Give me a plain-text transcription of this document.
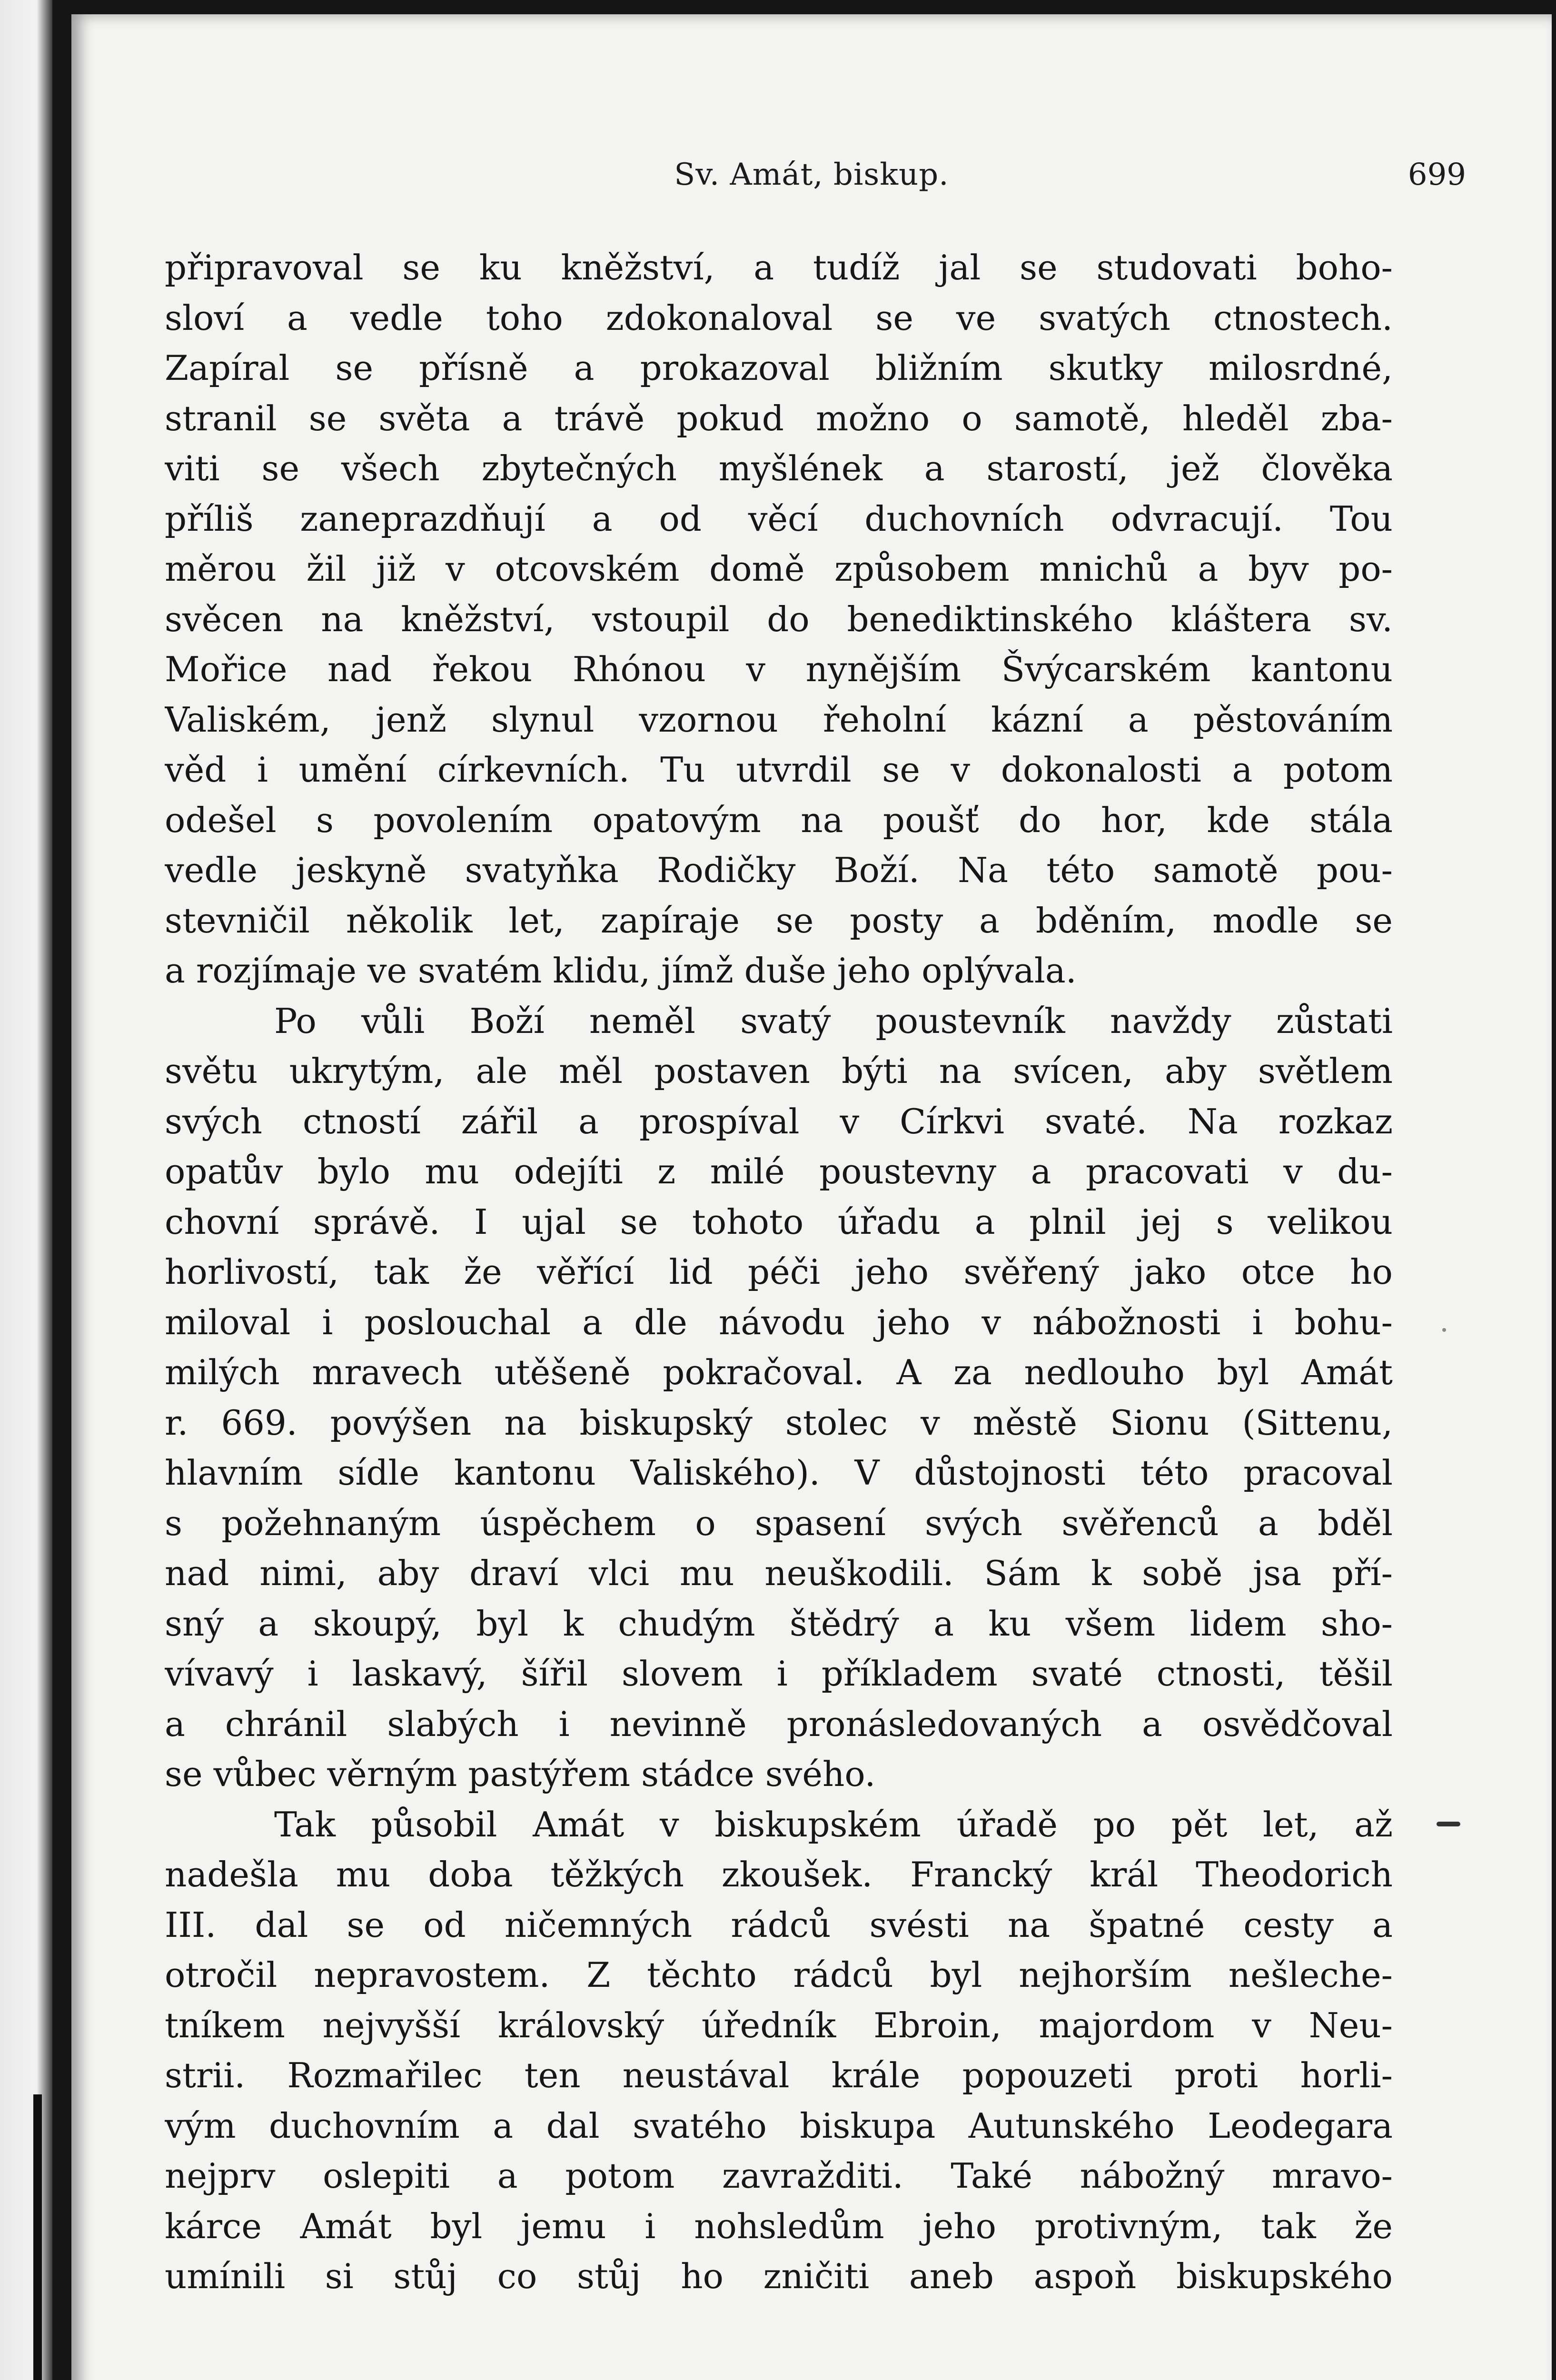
Sv. Amát, biskup.	699
připravoval se ku kněžství, a tudíž jal se studovati boho-
sloví a vedle toho zdokonaloval se ve svatých ctnostech.
Zapíral se přísně a prokazoval bližním skutky milosrdné,
stranil se světa a trávě pokud možno o samotě, hleděl zba-
viti se všech zbytečných myšlének a starostí, jež člověka
příliš zaneprazdňují a od věcí duchovních odvracují. Tou
měrou žil již v otcovském domě způsobem mnichů a byv po-
svěcen na kněžství, vstoupil do benediktinského kláštera sv.
Mořice nad řekou Rhónou v nynějším Švýcarském kantonu
Valiském, jenž slynul vzornou řeholní kázní a pěstováním
věd i umění církevních. Tu utvrdil se v dokonalosti a potom
odešel s povolením opatovým na poušť do hor, kde stála
vedle jeskyně svatyňka Rodičky Boží. Na této samotě pou-
stevničil několik let, zapíraje se posty a bděním, modle se
a rozjímaje ve svatém klidu, jímž duše jeho oplývala.
Po vůli Boží neměl svatý poustevník navždy zůstati
světu ukrytým, ale měl postaven býti na svícen, aby světlem
svých ctností zářil a prospíval v Církvi svaté. Na rozkaz
opatův bylo mu odejíti z milé poustevny a pracovati v du-
chovní správě. I ujal se tohoto úřadu a plnil jej s velikou
horlivostí, tak že věřící lid péči jeho svěřený jako otce ho
miloval i poslouchal a dle návodu jeho v nábožnosti i bohu-
milých mravech utěšeně pokračoval. A za nedlouho byl Amát
r. 669. povýšen na biskupský stolec v městě Sionu (Sittenu,
hlavním sídle kantonu Valiského). V důstojnosti této pracoval
s požehnaným úspěchem o spasení svých svěřenců a bděl
nad nimi, aby draví vlci mu neuškodili. Sám k sobě jsa pří-
sný a skoupý, byl k chudým štědrý a ku všem lidem sho-
vívavý i laskavý, šířil slovem i příkladem svaté ctnosti, těšil
a chránil slabých i nevinně pronásledovaných a osvědčoval
se vůbec věrným pastýřem stádce svého.
Tak působil Amát v biskupském úřadě po pět let, až
nadešla mu doba těžkých zkoušek. Francký král Theodorich
III. dal se od ničemných rádců svésti na špatné cesty a
otročil nepravostem. Z těchto rádců byl nejhorším nešleche-
tníkem nejvyšší královský úředník Ebroin, majordom v Neu-
strii. Rozmařilec ten neustával krále popouzeti proti horli-
vým duchovním a dal svatého biskupa Autunského Leodegara
nejprv oslepiti a potom zavražditi. Také nábožný mravo-
kárce Amát byl jemu i nohsledům jeho protivným, tak že
umínili si stůj co stůj ho zničiti aneb aspoň biskupského
